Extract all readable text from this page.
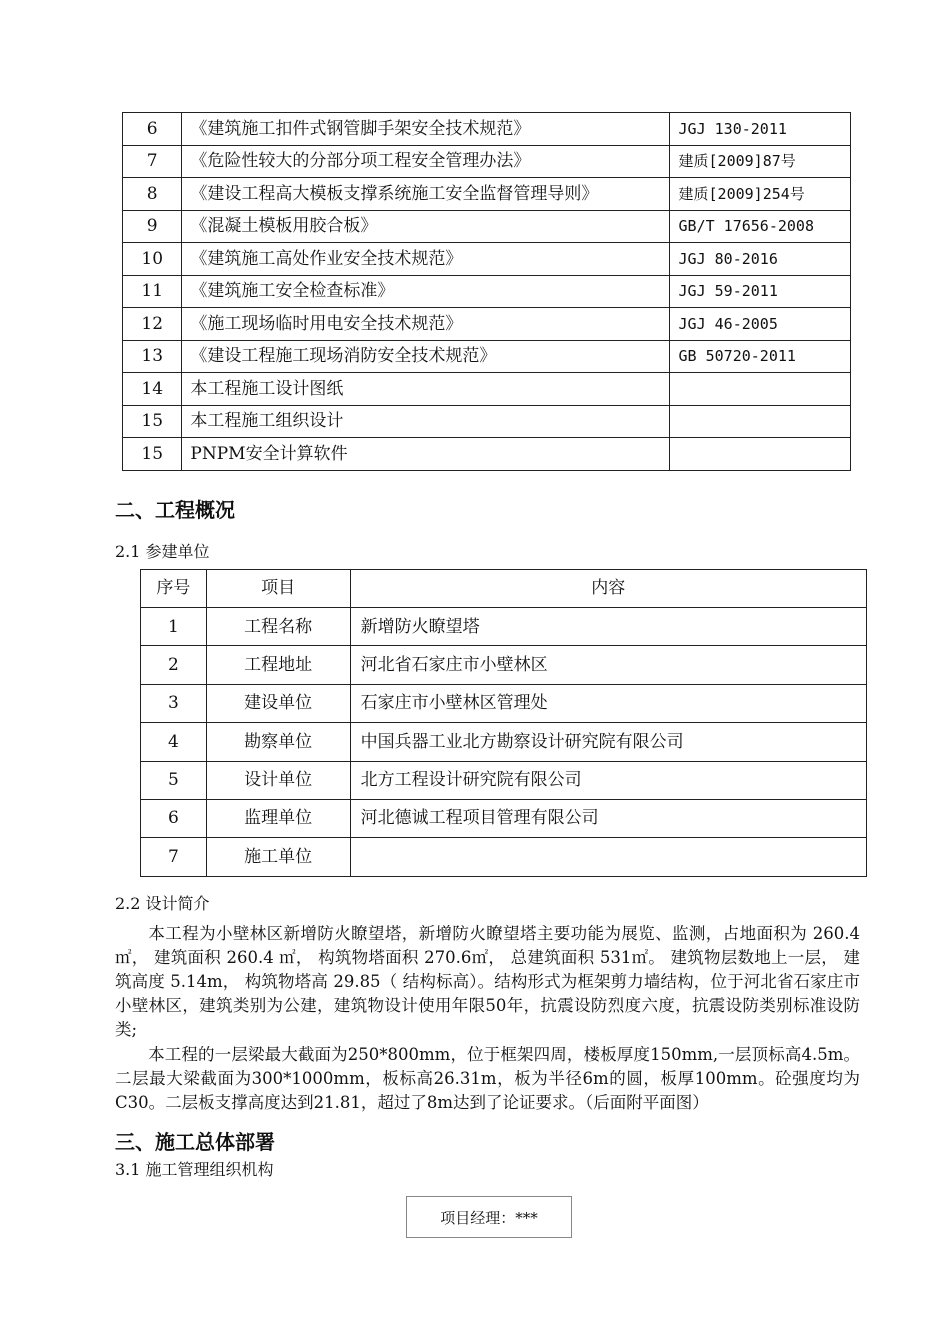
6	《建筑施工扣件式钢管脚手架安全技术规范》	JGJ 130-2011
7	《危险性较大的分部分项工程安全管理办法》	建质[2009]87号
8	《建设工程高大模板支撑系统施工安全监督管理导则》	建质[2009]254号
9	《混凝土模板用胶合板》	GB/T 17656-2008
10	《建筑施工高处作业安全技术规范》	JGJ 80-2016
11	《建筑施工安全检查标准》	JGJ 59-2011
12	《施工现场临时用电安全技术规范》	JGJ 46-2005
13	《建设工程施工现场消防安全技术规范》	GB 50720-2011
14	本工程施工设计图纸	
15	本工程施工组织设计	
15	PNPM安全计算软件	
二、工程概况
2.1 参建单位
序号	项目	内容
1	工程名称	新增防火瞭望塔
2	工程地址	河北省石家庄市小壁林区
3	建设单位	石家庄市小壁林区管理处
4	勘察单位	中国兵器工业北方勘察设计研究院有限公司
5	设计单位	北方工程设计研究院有限公司
6	监理单位	河北德诚工程项目管理有限公司
7	施工单位	
2.2 设计简介
本工程为小壁林区新增防火瞭望塔，新增防火瞭望塔主要功能为展览、监测，占地面积为 260.4 ㎡， 建筑面积 260.4 ㎡， 构筑物塔面积 270.6㎡， 总建筑面积 531㎡。 建筑物层数地上一层， 建筑高度 5.14m， 构筑物塔高 29.85（ 结构标高）。结构形式为框架剪力墙结构，位于河北省石家庄市小壁林区，建筑类别为公建，建筑物设计使用年限50年，抗震设防烈度六度，抗震设防类别标准设防类;
本工程的一层梁最大截面为250*800mm，位于框架四周，楼板厚度150mm,一层顶标高4.5m。二层最大梁截面为300*1000mm，板标高26.31m，板为半径6m的圆，板厚100mm。砼强度均为C30。二层板支撑高度达到21.81，超过了8m达到了论证要求。（后面附平面图）
三、施工总体部署
3.1 施工管理组织机构
项目经理：***
